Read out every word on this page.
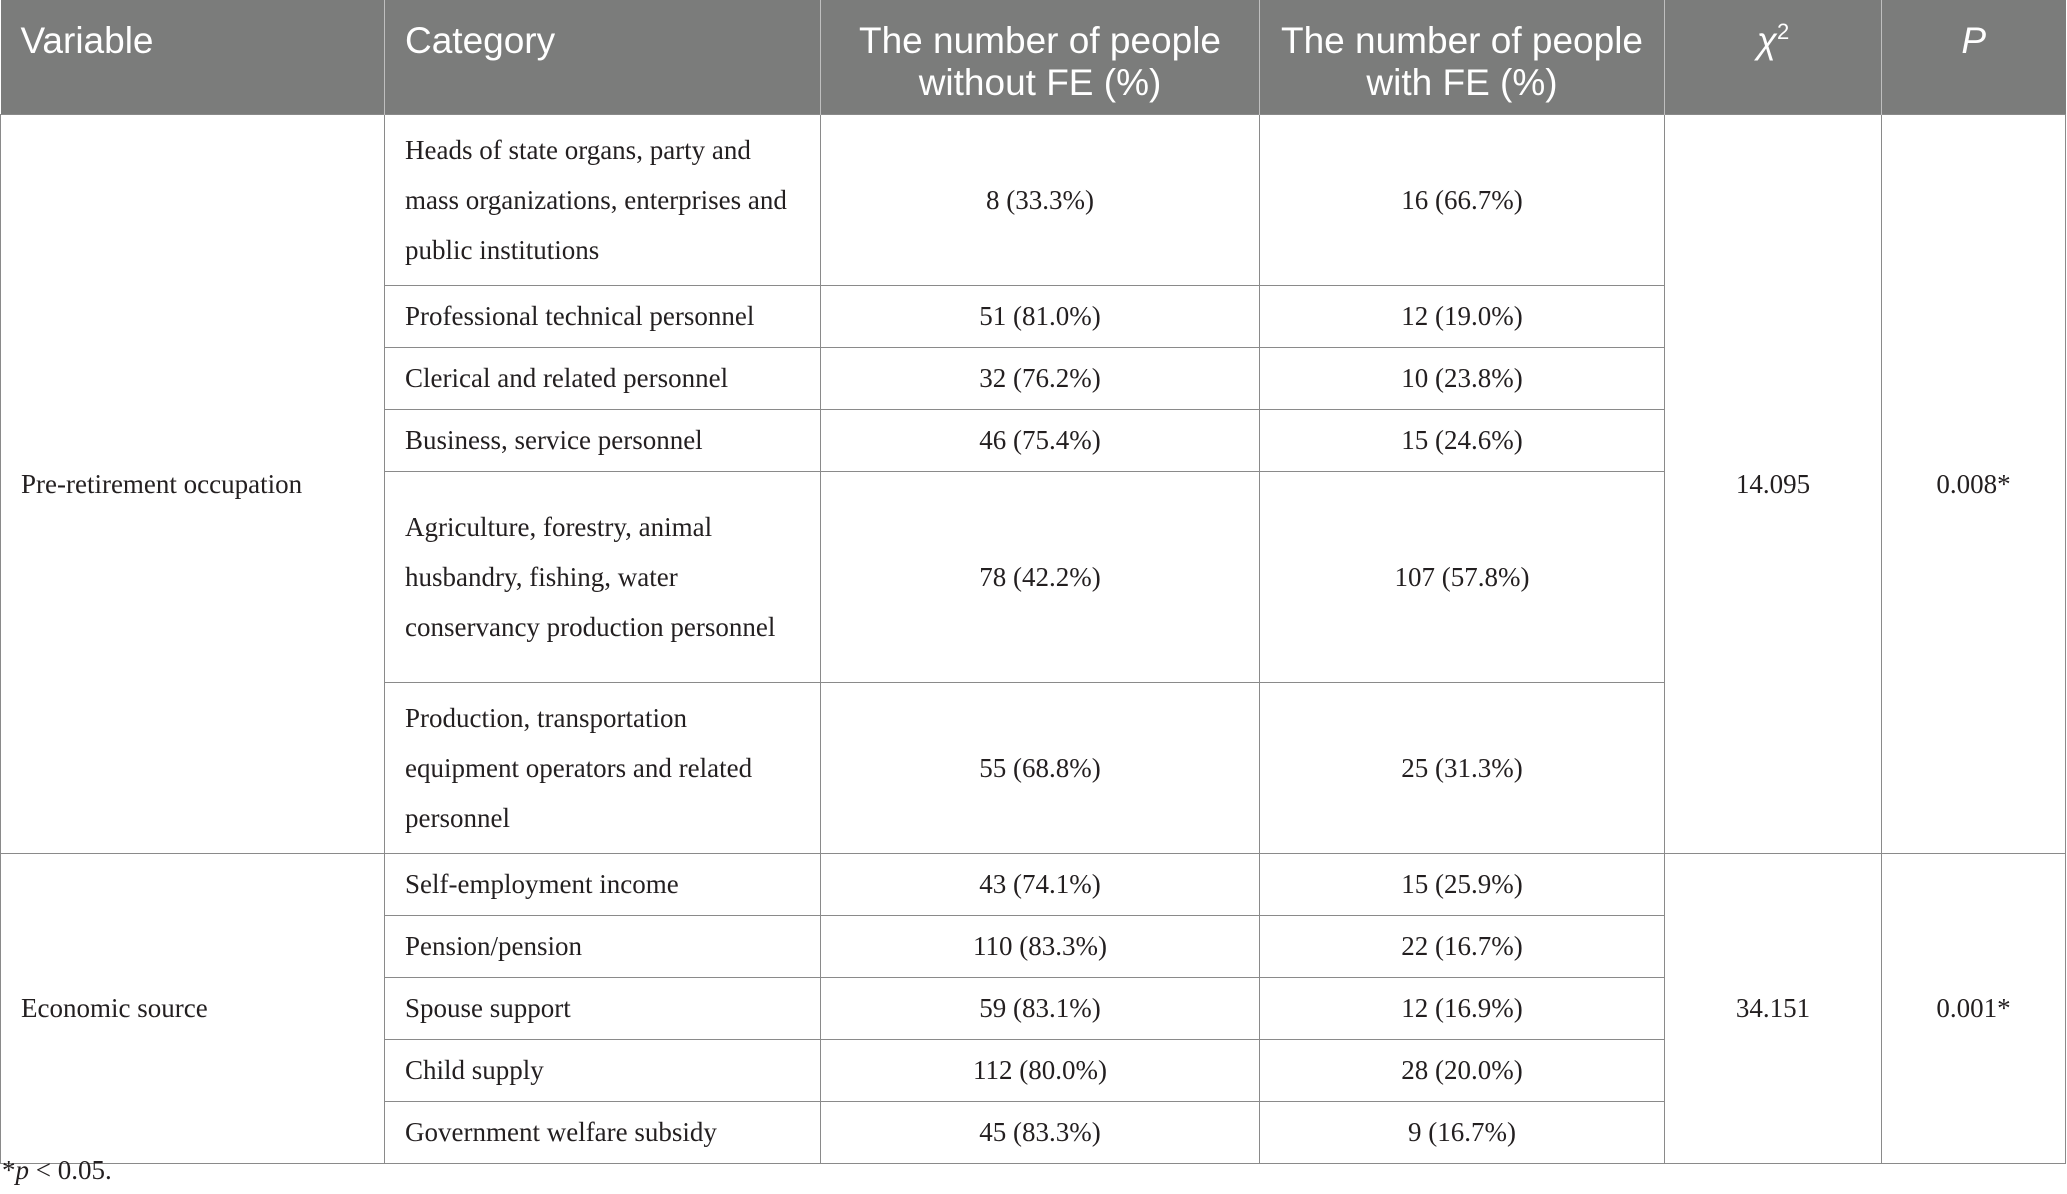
Variable	Category	The number of people without FE (%)	The number of people with FE (%)	$\chi^2$	P
Pre-retirement occupation	Heads of state organs, party and mass organizations, enterprises and public institutions	8 (33.3%)	16 (66.7%)	14.095	0.008*
	Professional technical personnel	51 (81.0%)	12 (19.0%)		
	Clerical and related personnel	32 (76.2%)	10 (23.8%)		
	Business, service personnel	46 (75.4%)	15 (24.6%)		
	Agriculture, forestry, animal husbandry, fishing, water conservancy production personnel	78 (42.2%)	107 (57.8%)		
	Production, transportation equipment operators and related personnel	55 (68.8%)	25 (31.3%)		
Economic source	Self-employment income	43 (74.1%)	15 (25.9%)	34.151	0.001*
	Pension/pension	110 (83.3%)	22 (16.7%)		
	Spouse support	59 (83.1%)	12 (16.9%)		
	Child supply	112 (80.0%)	28 (20.0%)		
	Government welfare subsidy	45 (83.3%)	9 (16.7%)		
*p < 0.05.
